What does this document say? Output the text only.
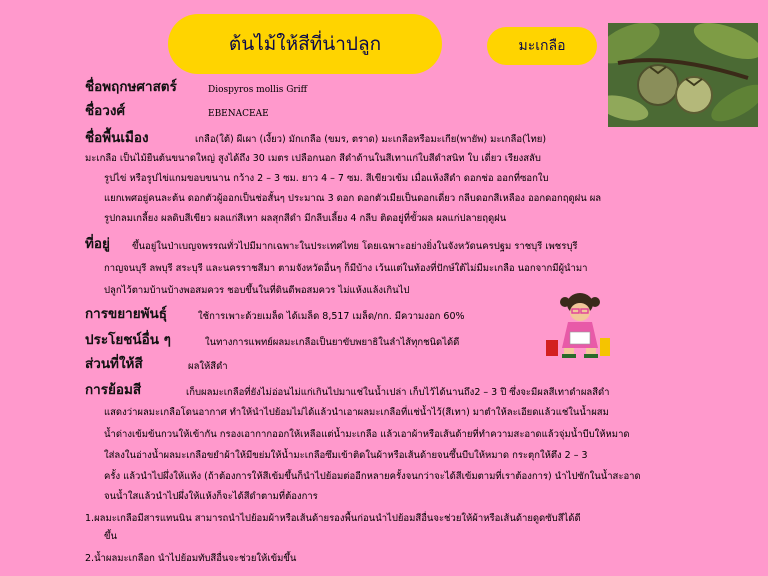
ต้นไม้ให้สีที่น่าปลูก	มะเกลือ
ชื่อพฤกษศาสตร์	Diospyros mollis Griff
ชื่อวงศ์	EBENACEAE
ชื่อพื้นเมือง	เกลือ(ใต้) ผีเผา (เงี้ยว) มักเกลือ (ขมร, ตราด) มะเกลือหรือมะเกีย(พายัพ) มะเกลือ(ไทย)
มะเกลือ เป็นไม้ยืนต้นขนาดใหญ่ สูงได้ถึง 30 เมตร เปลือกนอก สีดำด้านในสีเทาแก่ใบสีดำสนิท ใบ เดี่ยว เรียงสลับ
รูปไข่ หรือรูปไข่แกมขอบขนาน กว้าง 2 – 3 ซม. ยาว 4 – 7 ซม. สีเขียวเข้ม เมื่อแห้งสีดำ ดอกช่อ ออกที่ซอกใบ
แยกเพศอยู่คนละต้น ดอกตัวผู้ออกเป็นช่อสั้นๆ ประมาณ 3 ดอก ดอกตัวเมียเป็นดอกเดี่ยว กลีบดอกสีเหลือง ออกดอกฤดูฝน ผล
รูปกลมเกลี้ยง ผลดิบสีเขียว ผลแก่สีเทา ผลสุกสีดำ มีกลีบเลี้ยง 4 กลีบ ติดอยู่ที่ขั้วผล ผลแก่ปลายฤดูฝน
ที่อยู่ ขึ้นอยู่ในป่าเบญจพรรณทั่วไปมีมากเฉพาะในประเทศไทย โดยเฉพาะอย่างยิ่งในจังหวัดนครปฐม ราชบุรี เพชรบุรี
กาญจนบุรี ลพบุรี สระบุรี และนครราชสีมา ตามจังหวัดอื่นๆ ก็มีบ้าง เว้นแต่ในท้องที่ปักษ์ใต้ไม่มีมะเกลือ นอกจากมีผู้นำมา
ปลูกไว้ตามบ้านบ้างพอสมควร ชอบขึ้นในที่ดินดีพอสมควร ไม่แห้งแล้งเกินไป
การขยายพันธุ์	ใช้การเพาะด้วยเมล็ด ได้เมล็ด 8,517 เมล็ด/กก. มีความงอก 60%
ประโยชน์อื่น ๆ	ในทางการแพทย์ผลมะเกลือเป็นยาขับพยาธิในลำไส้ทุกชนิดได้ดี
ส่วนที่ให้สี	ผลให้สีดำ
การย้อมสี	เก็บผลมะเกลือที่ยังไม่อ่อนไม่แก่เกินไปมาแช่ในน้ำเปล่า เก็บไว้ได้นานถึง2 – 3 ปี ซึ่งจะมีผลสีเทาดำผลสีดำ
แสดงว่าผลมะเกลือโดนอากาศ ทำให้นำไปย้อมไม่ได้แล้วนำเอาผลมะเกลือที่แช่น้ำไว้(สีเทา) มาตำให้ละเอียดแล้วแช่ในน้ำผสม
น้ำด่างเข้มข้นกวนให้เข้ากัน กรองเอากากออกให้เหลือแต่น้ำมะเกลือ แล้วเอาผ้าหรือเส้นด้ายที่ทำความสะอาดแล้วจุ่มน้ำบีบให้หมาด
ใส่ลงในอ่างน้ำผลมะเกลือขยำผ้าให้มีขย่มให้น้ำมะเกลือซึมเข้าติดในผ้าหรือเส้นด้ายจนซึ้นบีบให้หมาด กระตุกให้ตึง 2 – 3
ครั้ง แล้วนำไปผึ่งให้แห้ง (ถ้าต้องการให้สีเข้มขึ้นก็นำไปย้อมต่ออีกหลายครั้งจนกว่าจะได้สีเข้มตามที่เราต้องการ) นำไปซักในน้ำสะอาด
จนน้ำใสแล้วนำไปผึ่งให้แห้งก็จะได้สีดำตามที่ต้องการ
1.ผลมะเกลือมีสารแทนนิน สามารถนำไปย้อมผ้าหรือเส้นด้ายรองพื้นก่อนนำไปย้อมสีอื่นจะช่วยให้ผ้าหรือเส้นด้ายดูดซับสีได้ดี
ขึ้น
2.น้ำผลมะเกลือก นำไปย้อมทับสีอื่นจะช่วยให้เข้มขึ้น
